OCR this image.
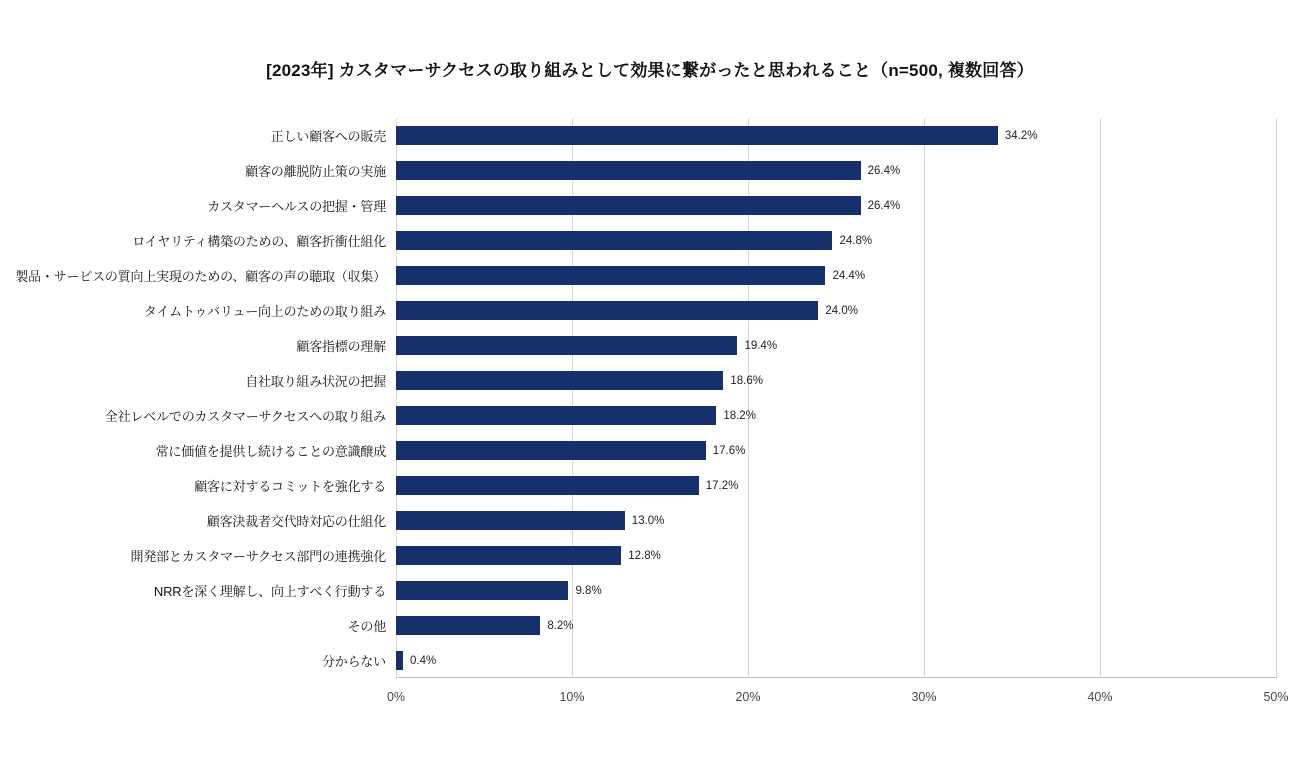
[2023年] カスタマーサクセスの取り組みとして効果に繋がったと思われること（n=500, 複数回答）
正しい顧客への販売
顧客の離脱防止策の実施
カスタマーヘルスの把握・管理
ロイヤリティ構築のための、顧客折衝仕組化
製品・サービスの質向上実現のための、顧客の声の聴取（収集）
タイムトゥバリュー向上のための取り組み
顧客指標の理解
自社取り組み状況の把握
全社レベルでのカスタマーサクセスへの取り組み
常に価値を提供し続けることの意識醸成
顧客に対するコミットを強化する
顧客決裁者交代時対応の仕組化
開発部とカスタマーサクセス部門の連携強化
NRRを深く理解し、向上すべく行動する
その他
分からない
0%	10%	20%	30%	40%	50%
34.2%
26.4%
26.4%
24.8%
24.4%
24.0%
19.4%
18.6%
18.2%
17.6%
17.2%
13.0%
12.8%
9.8%
8.2%
0.4%
